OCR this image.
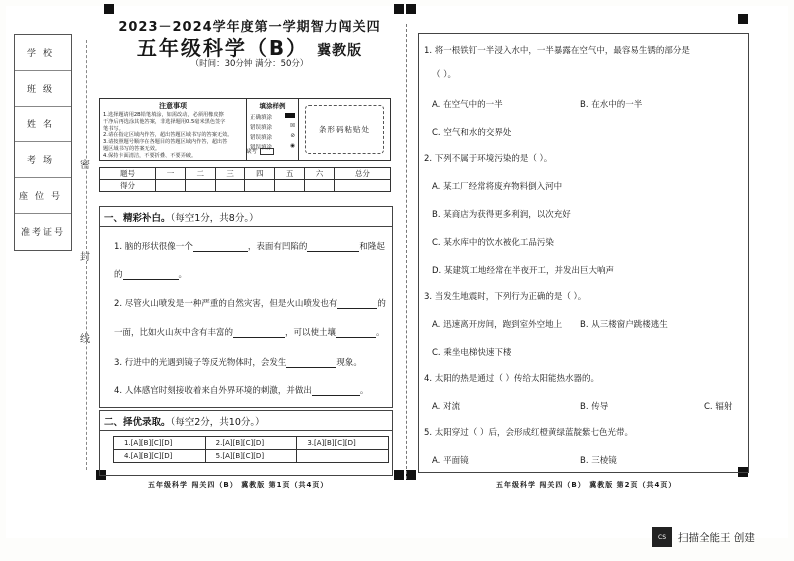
学校
班级
姓名
考场
座位号
准考证号
密
封
线
2023－2024学年度第一学期智力闯关四
五年级科学（B） 冀教版
（时间：30分钟 满分：50分）
注意事项

1.选择题请用2B铅笔填涂，如需改动，必须用橡皮擦

干净后再选涂其他答案，非选择题用0.5毫米黑色签字

笔书写。

2.请在指定区域内作答，超出答题区域书写的答案无效。

3.请按照题号顺序在各题目的答题区域内作答，超出答

题区域书写的答案无效。

4.保持卡面清洁，不要折叠、不要弄破。

填涂样例
正确填涂
错误填涂	☒
错误填涂	⊘
错误填涂	◉
缺考
条形码粘贴处
题号	一	二	三	四	五	六	总分
得分							
一、精彩补白。（每空1分，共8分。）
1. 脑的形状很像一个	，表面有凹陷的	和隆起
的	。
2. 尽管火山喷发是一种严重的自然灾害，但是火山喷发也有	的
一面，比如火山灰中含有丰富的	，可以使土壤	。
3. 行进中的光遇到镜子等反光物体时，会发生	现象。
4. 人体感官时刻接收着来自外界环境的刺激，并做出	。
二、择优录取。（每空2分，共10分。）
1.[A][B][C][D]	2.[A][B][C][D]	3.[A][B][C][D]
4.[A][B][C][D]	5.[A][B][C][D]	
五年级科学 闯关四（B） 冀教版 第1页（共4页）
1. 将一根铁钉一半浸入水中，一半暴露在空气中，最容易生锈的部分是
（ ）。
A. 在空气中的一半	B. 在水中的一半
C. 空气和水的交界处
2. 下列不属于环境污染的是（ ）。
A. 某工厂经常将废弃物料倒入河中
B. 某商店为获得更多利润，以次充好
C. 某水库中的饮水被化工品污染
D. 某建筑工地经常在半夜开工，并发出巨大响声
3. 当发生地震时，下列行为正确的是（ ）。
A. 迅速离开房间，跑到室外空地上 B. 从三楼窗户跳楼逃生
C. 乘坐电梯快速下楼
4. 太阳的热是通过（ ）传给太阳能热水器的。
A. 对流	B. 传导	C. 辐射
5. 太阳穿过（ ）后，会形成红橙黄绿蓝靛紫七色光带。
A. 平面镜	B. 三棱镜
五年级科学 闯关四（B） 冀教版 第2页（共4页）
CS	扫描全能王 创建
